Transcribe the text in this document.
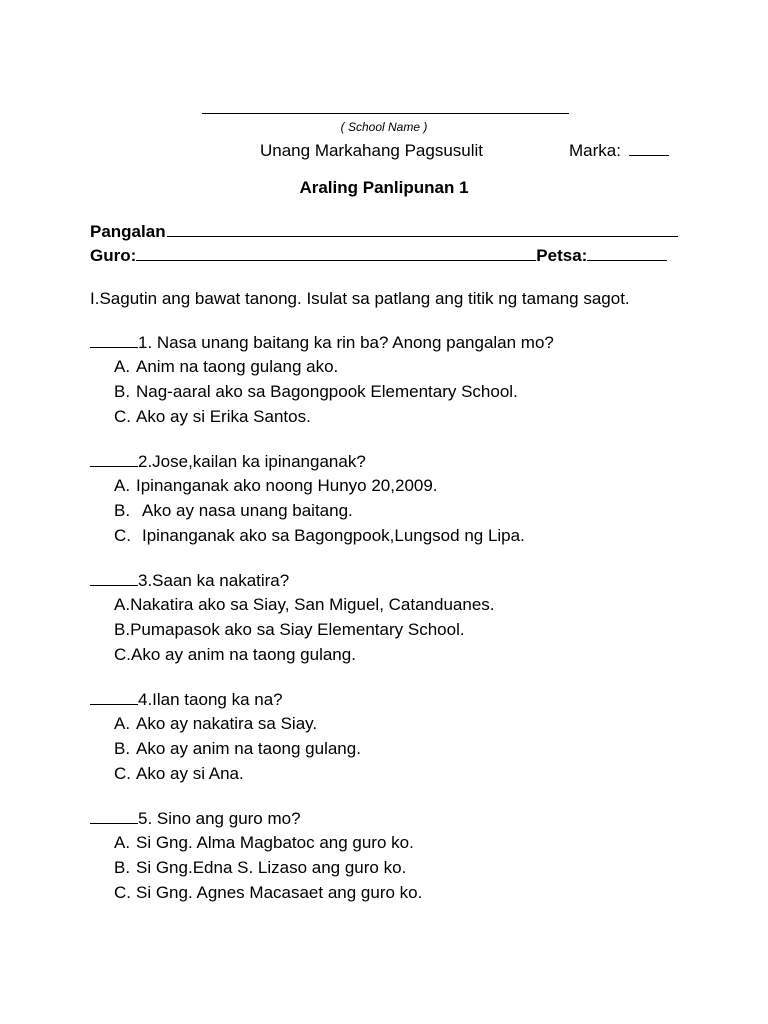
( School Name )
Unang Markahang Pagsusulit	Marka:
Araling Panlipunan 1
Pangalan
Guro :	Petsa :
I.Sagutin ang bawat tanong. Isulat sa patlang ang titik ng tamang sagot.
1. Nasa unang baitang ka rin ba? Anong pangalan mo?
A. Anim na taong gulang ako.
B. Nag-aaral ako sa Bagongpook Elementary School.
C. Ako ay si Erika Santos.
2.Jose,kailan ka ipinanganak?
A. Ipinanganak ako noong Hunyo 20,2009.
B. Ako ay nasa unang baitang.
C. Ipinanganak ako sa Bagongpook,Lungsod ng Lipa.
3.Saan ka nakatira?
A. Nakatira ako sa Siay, San Miguel, Catanduanes.
B. Pumapasok ako sa Siay Elementary School.
C. Ako ay anim na taong gulang.
4.Ilan taong ka na?
A. Ako ay nakatira sa Siay.
B. Ako ay anim na taong gulang.
C. Ako ay si Ana.
5. Sino ang guro mo?
A. Si Gng. Alma Magbatoc ang guro ko.
B. Si Gng.Edna S. Lizaso ang guro ko.
C. Si Gng. Agnes Macasaet ang guro ko.
